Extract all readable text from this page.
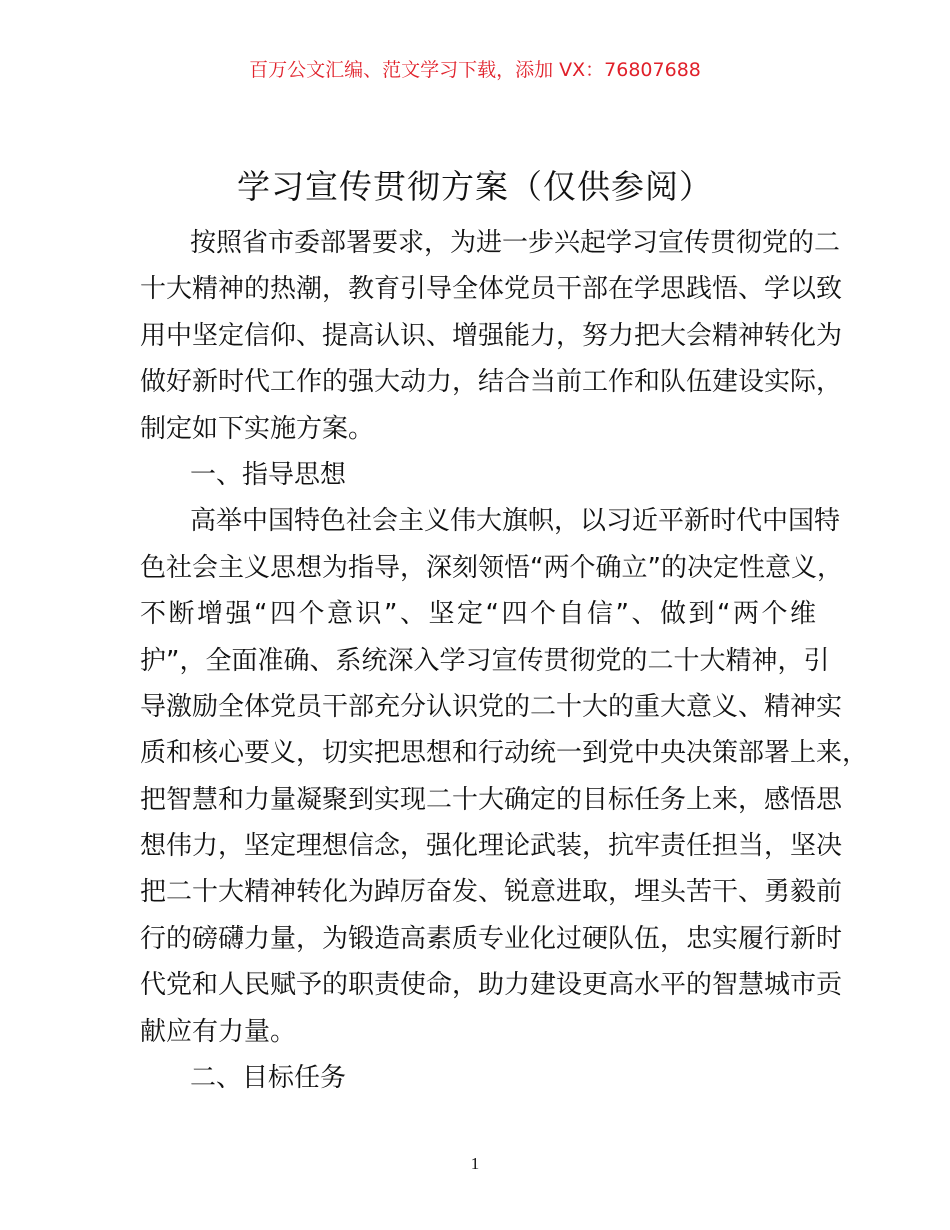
百万公文汇编、范文学习下载，添加 VX：76807688
学习宣传贯彻方案（仅供参阅）
按照省市委部署要求，为进一步兴起学习宣传贯彻党的二
十大精神的热潮，教育引导全体党员干部在学思践悟、学以致
用中坚定信仰、提高认识、增强能力，努力把大会精神转化为
做好新时代工作的强大动力，结合当前工作和队伍建设实际，
制定如下实施方案。
一、指导思想
高举中国特色社会主义伟大旗帜，以习近平新时代中国特
色社会主义思想为指导，深刻领悟“两个确立”的决定性意义，
不断增强“四个意识”、坚定“四个自信”、做到“两个维
护”，全面准确、系统深入学习宣传贯彻党的二十大精神，引
导激励全体党员干部充分认识党的二十大的重大意义、精神实
质和核心要义，切实把思想和行动统一到党中央决策部署上来，
把智慧和力量凝聚到实现二十大确定的目标任务上来，感悟思
想伟力，坚定理想信念，强化理论武装，抗牢责任担当，坚决
把二十大精神转化为踔厉奋发、锐意进取，埋头苦干、勇毅前
行的磅礴力量，为锻造高素质专业化过硬队伍，忠实履行新时
代党和人民赋予的职责使命，助力建设更高水平的智慧城市贡
献应有力量。
二、目标任务
1
